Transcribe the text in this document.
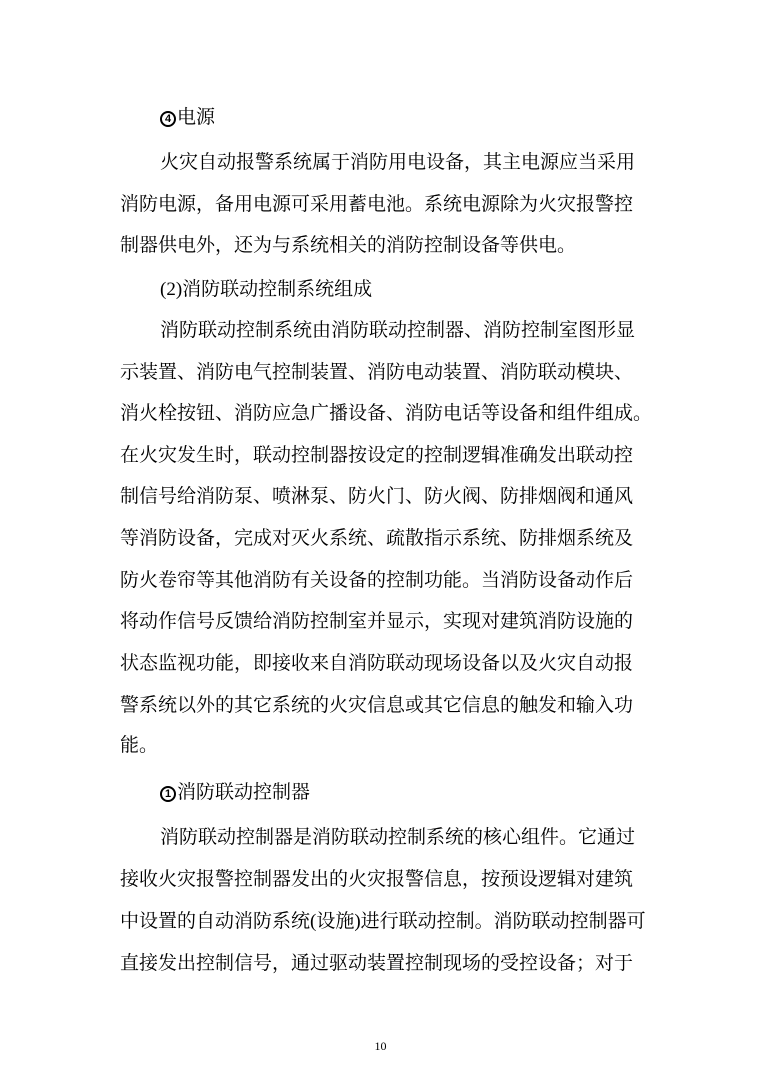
4 电源
(2)消防联动控制系统组成
1 消防联动控制器
火灾自动报警系统属于消防用电设备，其主电源应当采用
消防电源，备用电源可采用蓄电池。系统电源除为火灾报警控
制器供电外，还为与系统相关的消防控制设备等供电。
消防联动控制系统由消防联动控制器、消防控制室图形显
示装置、消防电气控制装置、消防电动装置、消防联动模块、
消火栓按钮、消防应急广播设备、消防电话等设备和组件组成。
在火灾发生时，联动控制器按设定的控制逻辑准确发出联动控
制信号给消防泵、喷淋泵、防火门、防火阀、防排烟阀和通风
等消防设备，完成对灭火系统、疏散指示系统、防排烟系统及
防火卷帘等其他消防有关设备的控制功能。当消防设备动作后
将动作信号反馈给消防控制室并显示，实现对建筑消防设施的
状态监视功能，即接收来自消防联动现场设备以及火灾自动报
警系统以外的其它系统的火灾信息或其它信息的触发和输入功
能。
消防联动控制器是消防联动控制系统的核心组件。它通过
接收火灾报警控制器发出的火灾报警信息，按预设逻辑对建筑
中设置的自动消防系统(设施)进行联动控制。消防联动控制器可
直接发出控制信号，通过驱动装置控制现场的受控设备；对于
10
